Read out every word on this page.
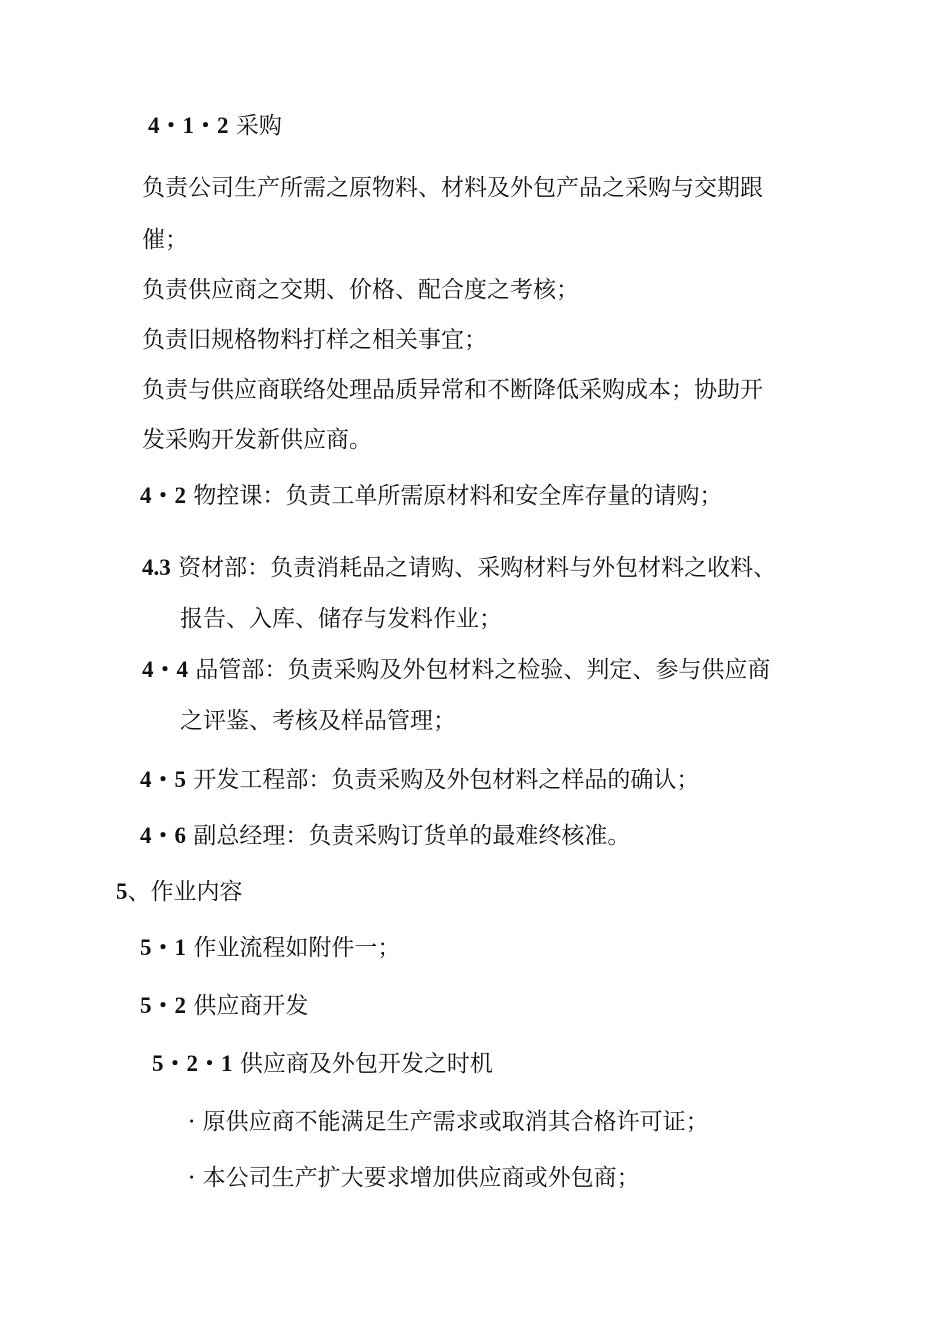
4・1・2 采购
负责公司生产所需之原物料、材料及外包产品之采购与交期跟
催；
负责供应商之交期、价格、配合度之考核；
负责旧规格物料打样之相关事宜；
负责与供应商联络处理品质异常和不断降低采购成本；协助开
发采购开发新供应商。
4・2 物控课：负责工单所需原材料和安全库存量的请购；
4.3 资材部：负责消耗品之请购、采购材料与外包材料之收料、
报告、入库、储存与发料作业；
4・4 品管部：负责采购及外包材料之检验、判定、参与供应商
之评鉴、考核及样品管理；
4・5 开发工程部：负责采购及外包材料之样品的确认；
4・6 副总经理：负责采购订货单的最难终核准。
5、作业内容
5・1 作业流程如附件一；
5・2 供应商开发
5・2・1 供应商及外包开发之时机
· 原供应商不能满足生产需求或取消其合格许可证；
· 本公司生产扩大要求增加供应商或外包商；
